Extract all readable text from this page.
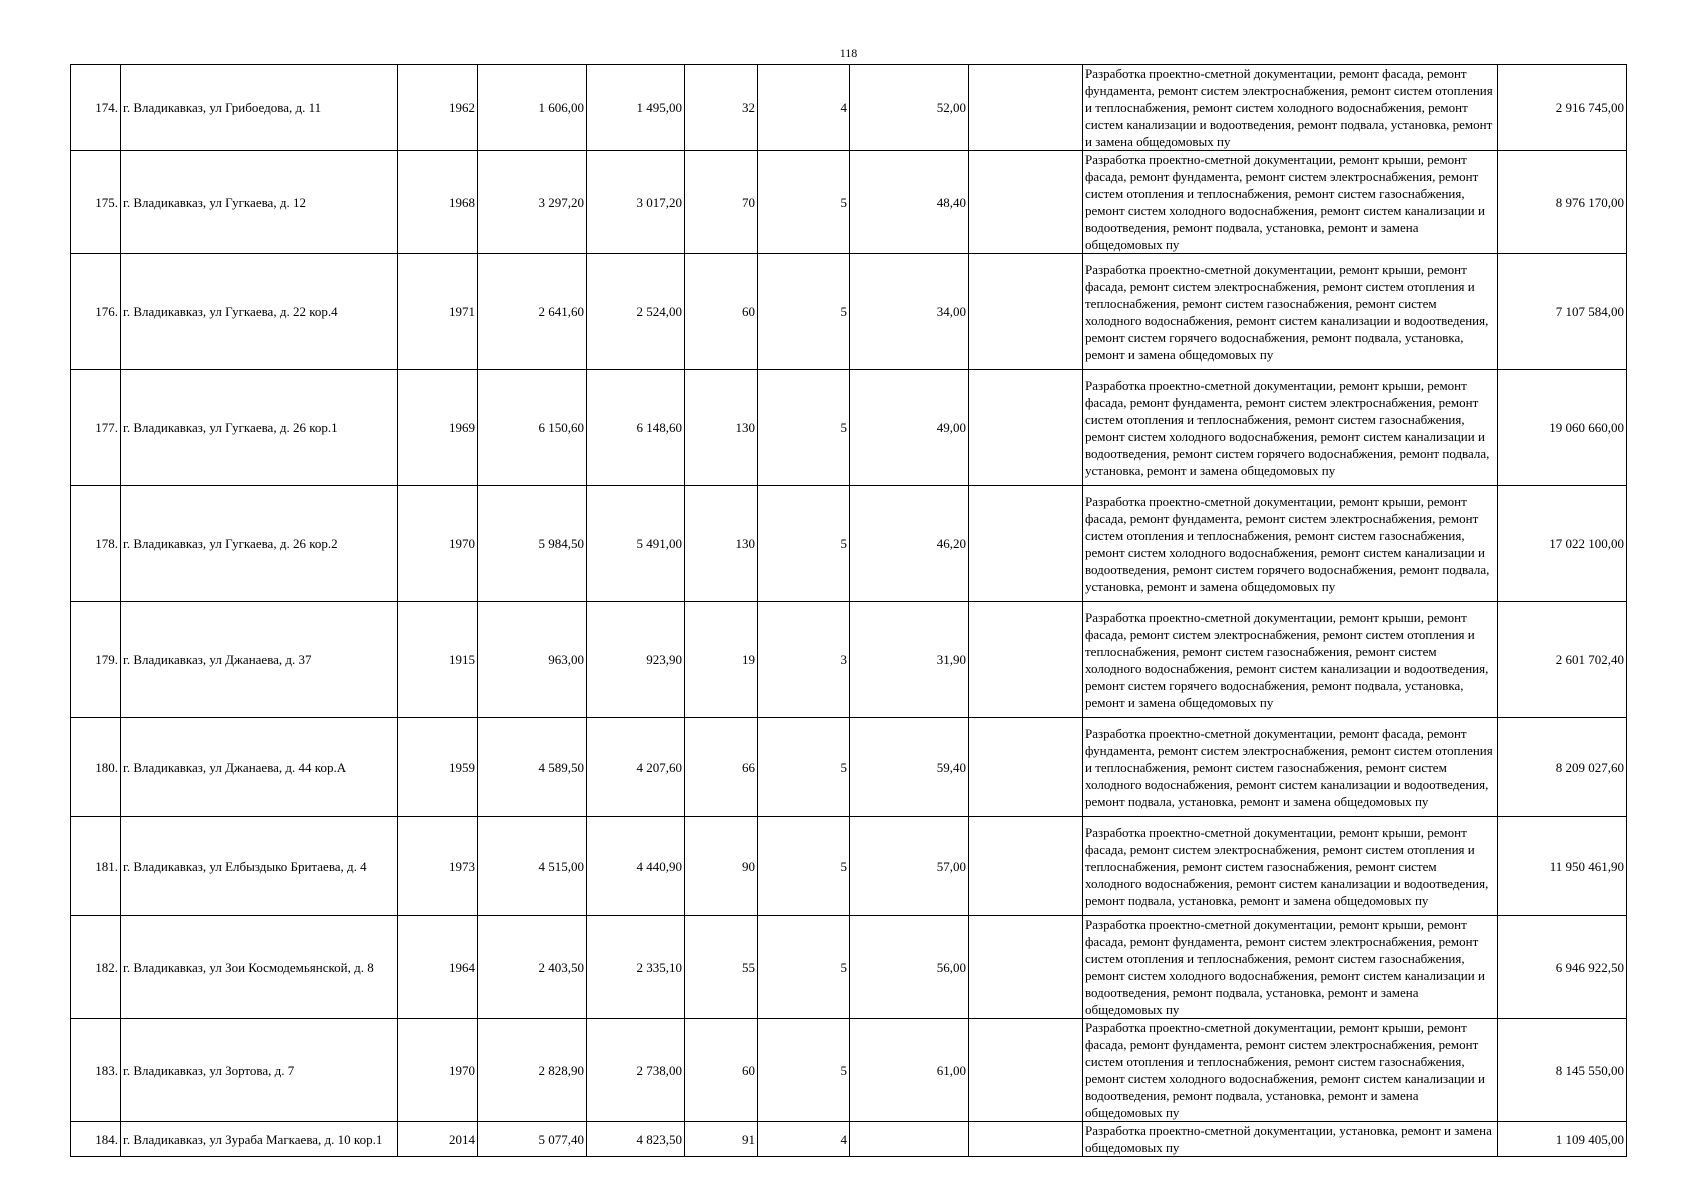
118
174.	г. Владикавказ, ул Грибоедова, д. 11	1962	1 606,00	1 495,00	32	4	52,00		Разработка проектно-сметной документации, ремонт фасада, ремонт фундамента, ремонт систем электроснабжения, ремонт систем отопления и теплоснабжения, ремонт систем холодного водоснабжения, ремонт систем канализации и водоотведения, ремонт подвала, установка, ремонт и замена общедомовых пу	2 916 745,00
175.	г. Владикавказ, ул Гугкаева, д. 12	1968	3 297,20	3 017,20	70	5	48,40		Разработка проектно-сметной документации, ремонт крыши, ремонт фасада, ремонт фундамента, ремонт систем электроснабжения, ремонт систем отопления и теплоснабжения, ремонт систем газоснабжения, ремонт систем холодного водоснабжения, ремонт систем канализации и водоотведения, ремонт подвала, установка, ремонт и замена общедомовых пу	8 976 170,00
176.	г. Владикавказ, ул Гугкаева, д. 22 кор.4	1971	2 641,60	2 524,00	60	5	34,00		Разработка проектно-сметной документации, ремонт крыши, ремонт фасада, ремонт систем электроснабжения, ремонт систем отопления и теплоснабжения, ремонт систем газоснабжения, ремонт систем холодного водоснабжения, ремонт систем канализации и водоотведения, ремонт систем горячего водоснабжения, ремонт подвала, установка, ремонт и замена общедомовых пу	7 107 584,00
177.	г. Владикавказ, ул Гугкаева, д. 26 кор.1	1969	6 150,60	6 148,60	130	5	49,00		Разработка проектно-сметной документации, ремонт крыши, ремонт фасада, ремонт фундамента, ремонт систем электроснабжения, ремонт систем отопления и теплоснабжения, ремонт систем газоснабжения, ремонт систем холодного водоснабжения, ремонт систем канализации и водоотведения, ремонт систем горячего водоснабжения, ремонт подвала, установка, ремонт и замена общедомовых пу	19 060 660,00
178.	г. Владикавказ, ул Гугкаева, д. 26 кор.2	1970	5 984,50	5 491,00	130	5	46,20		Разработка проектно-сметной документации, ремонт крыши, ремонт фасада, ремонт фундамента, ремонт систем электроснабжения, ремонт систем отопления и теплоснабжения, ремонт систем газоснабжения, ремонт систем холодного водоснабжения, ремонт систем канализации и водоотведения, ремонт систем горячего водоснабжения, ремонт подвала, установка, ремонт и замена общедомовых пу	17 022 100,00
179.	г. Владикавказ, ул Джанаева, д. 37	1915	963,00	923,90	19	3	31,90		Разработка проектно-сметной документации, ремонт крыши, ремонт фасада, ремонт систем электроснабжения, ремонт систем отопления и теплоснабжения, ремонт систем газоснабжения, ремонт систем холодного водоснабжения, ремонт систем канализации и водоотведения, ремонт систем горячего водоснабжения, ремонт подвала, установка, ремонт и замена общедомовых пу	2 601 702,40
180.	г. Владикавказ, ул Джанаева, д. 44 кор.А	1959	4 589,50	4 207,60	66	5	59,40		Разработка проектно-сметной документации, ремонт фасада, ремонт фундамента, ремонт систем электроснабжения, ремонт систем отопления и теплоснабжения, ремонт систем газоснабжения, ремонт систем холодного водоснабжения, ремонт систем канализации и водоотведения, ремонт подвала, установка, ремонт и замена общедомовых пу	8 209 027,60
181.	г. Владикавказ, ул Елбыздыко Бритаева, д. 4	1973	4 515,00	4 440,90	90	5	57,00		Разработка проектно-сметной документации, ремонт крыши, ремонт фасада, ремонт систем электроснабжения, ремонт систем отопления и теплоснабжения, ремонт систем газоснабжения, ремонт систем холодного водоснабжения, ремонт систем канализации и водоотведения, ремонт подвала, установка, ремонт и замена общедомовых пу	11 950 461,90
182.	г. Владикавказ, ул Зои Космодемьянской, д. 8	1964	2 403,50	2 335,10	55	5	56,00		Разработка проектно-сметной документации, ремонт крыши, ремонт фасада, ремонт фундамента, ремонт систем электроснабжения, ремонт систем отопления и теплоснабжения, ремонт систем газоснабжения, ремонт систем холодного водоснабжения, ремонт систем канализации и водоотведения, ремонт подвала, установка, ремонт и замена общедомовых пу	6 946 922,50
183.	г. Владикавказ, ул Зортова, д. 7	1970	2 828,90	2 738,00	60	5	61,00		Разработка проектно-сметной документации, ремонт крыши, ремонт фасада, ремонт фундамента, ремонт систем электроснабжения, ремонт систем отопления и теплоснабжения, ремонт систем газоснабжения, ремонт систем холодного водоснабжения, ремонт систем канализации и водоотведения, ремонт подвала, установка, ремонт и замена общедомовых пу	8 145 550,00
184.	г. Владикавказ, ул Зураба Магкаева, д. 10 кор.1	2014	5 077,40	4 823,50	91	4			Разработка проектно-сметной документации, установка, ремонт и замена общедомовых пу	1 109 405,00
